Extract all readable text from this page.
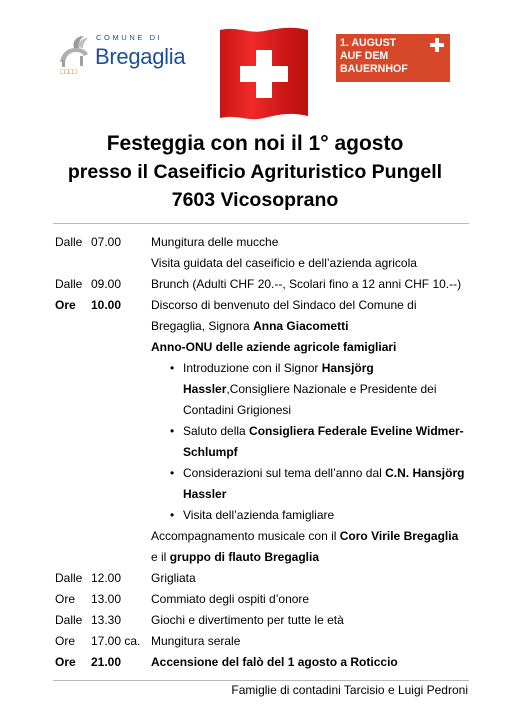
COMUNE DI
Bregaglia
□□□□
1. AUGUST
AUF DEM
BAUERNHOF
Festeggia con noi il 1° agosto
presso il Caseificio Agrituristico Pungell
7603 Vicosoprano
Dalle 07.00 Mungitura delle mucche
Visita guidata del caseificio e dell’azienda agricola
Dalle 09.00 Brunch (Adulti CHF 20.--, Scolari fino a 12 anni CHF 10.--)
Ore 10.00 Discorso di benvenuto del Sindaco del Comune di
Bregaglia, Signora Anna Giacometti
Anno-ONU delle aziende agricole famigliari
• Introduzione con il Signor Hansjörg
Hassler,Consigliere Nazionale e Presidente dei
Contadini Grigionesi
• Saluto della Consigliera Federale Eveline Widmer-
Schlumpf
• Considerazioni sul tema dell’anno dal C.N. Hansjörg
Hassler
• Visita dell’azienda famigliare
Accompagnamento musicale con il Coro Virile Bregaglia
e il gruppo di flauto Bregaglia
Dalle 12.00 Grigliata
Ore 13.00 Commiato degli ospiti d’onore
Dalle 13.30 Giochi e divertimento per tutte le età
Ore 17.00 ca. Mungitura serale
Ore 21.00 Accensione del falò del 1 agosto a Roticcio
Famiglie di contadini Tarcisio e Luigi Pedroni
